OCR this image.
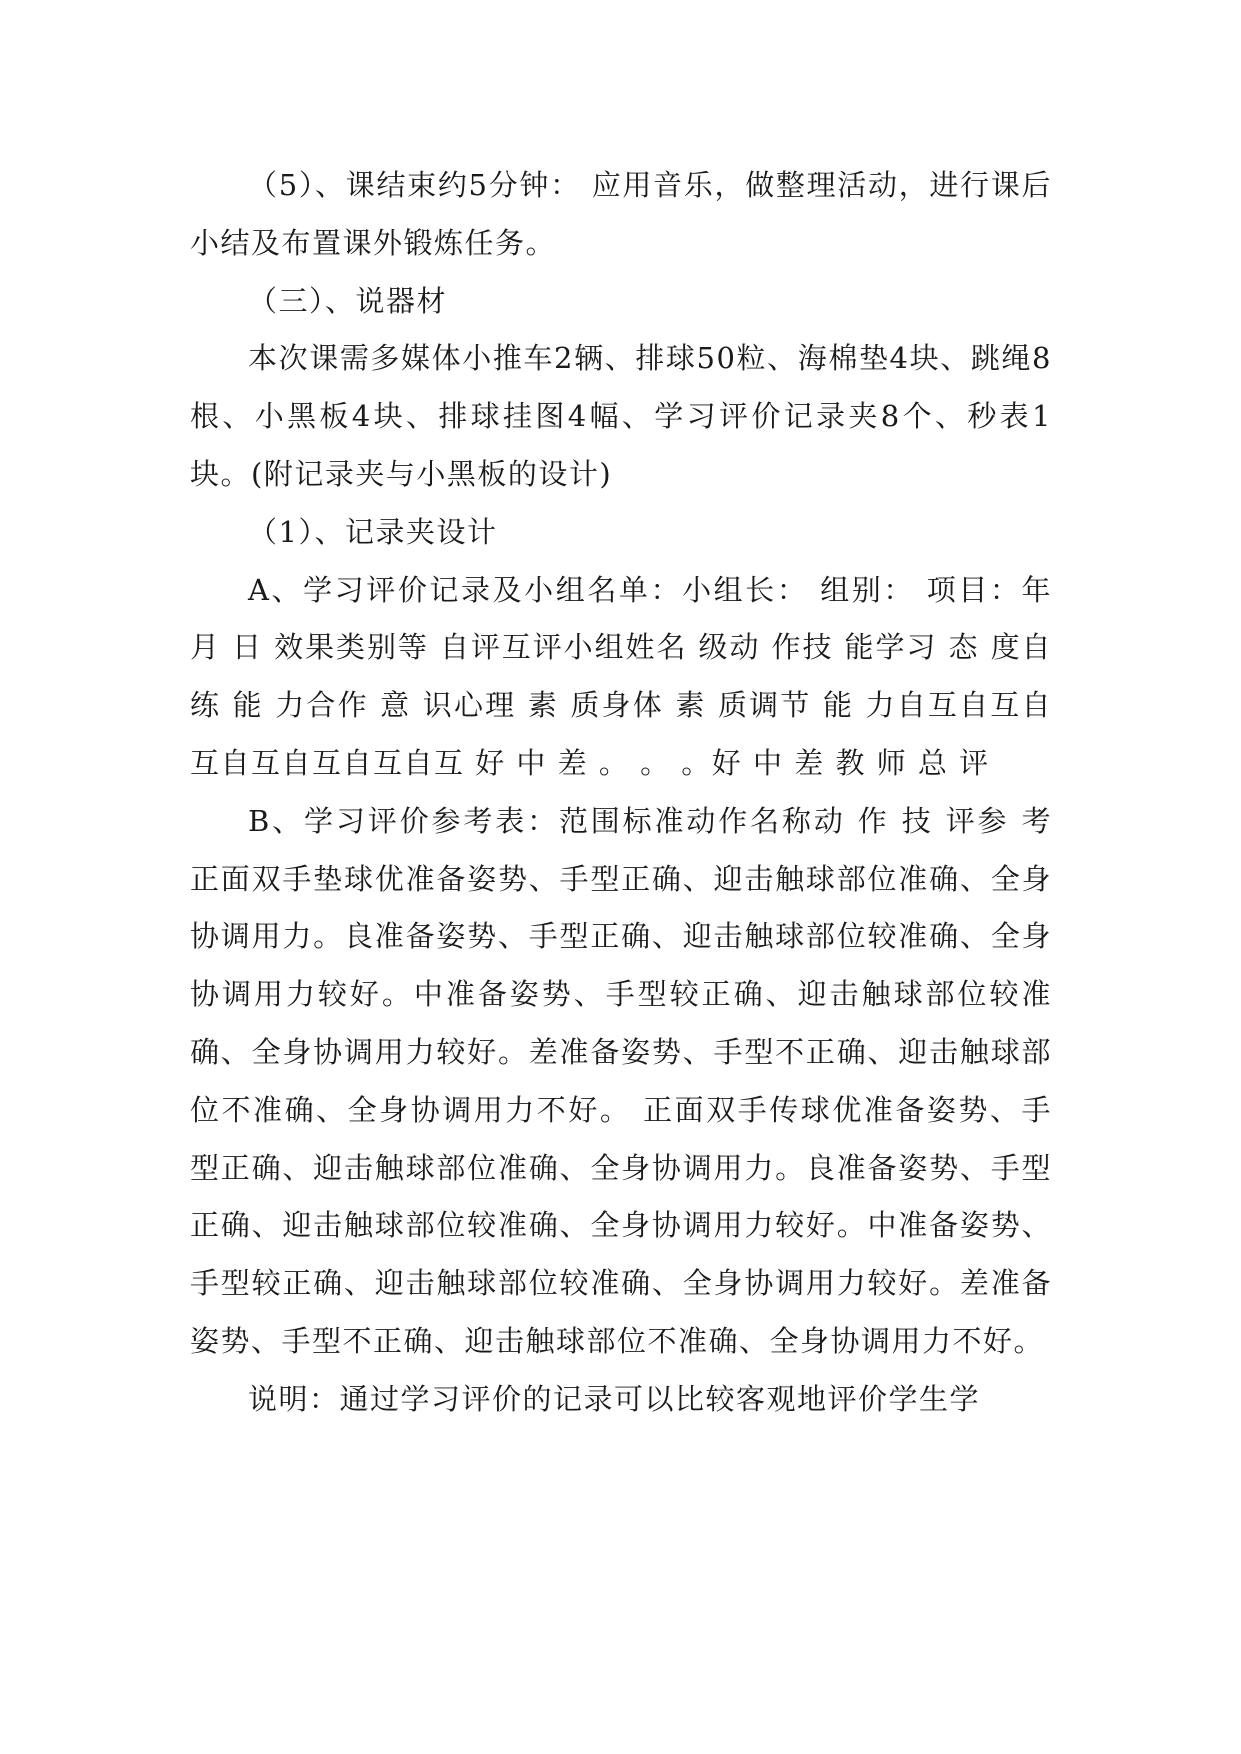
（5）、课结束约5分钟： 应用音乐，做整理活动，进行课后小结及布置课外锻炼任务。

（三）、说器材

本次课需多媒体小推车2辆、排球50粒、海棉垫4块、跳绳8根、小黑板4块、排球挂图4幅、学习评价记录夹8个、秒表1块。(附记录夹与小黑板的设计)

（1）、记录夹设计

A、学习评价记录及小组名单：小组长： 组别： 项目：年 月 日 效果类别等 自评互评小组姓名 级动 作技 能学习 态 度自练 能 力合作 意 识心理 素 质身体 素 质调节 能 力自互自互自互自互自互自互自互 好 中 差 。 。 。好 中 差 教 师 总 评

B、学习评价参考表：范围标准动作名称动 作 技 评参 考 正面双手垫球优准备姿势、手型正确、迎击触球部位准确、全身协调用力。良准备姿势、手型正确、迎击触球部位较准确、全身协调用力较好。中准备姿势、手型较正确、迎击触球部位较准确、全身协调用力较好。差准备姿势、手型不正确、迎击触球部位不准确、全身协调用力不好。 正面双手传球优准备姿势、手型正确、迎击触球部位准确、全身协调用力。良准备姿势、手型正确、迎击触球部位较准确、全身协调用力较好。中准备姿势、手型较正确、迎击触球部位较准确、全身协调用力较好。差准备姿势、手型不正确、迎击触球部位不准确、全身协调用力不好。

说明：通过学习评价的记录可以比较客观地评价学生学
